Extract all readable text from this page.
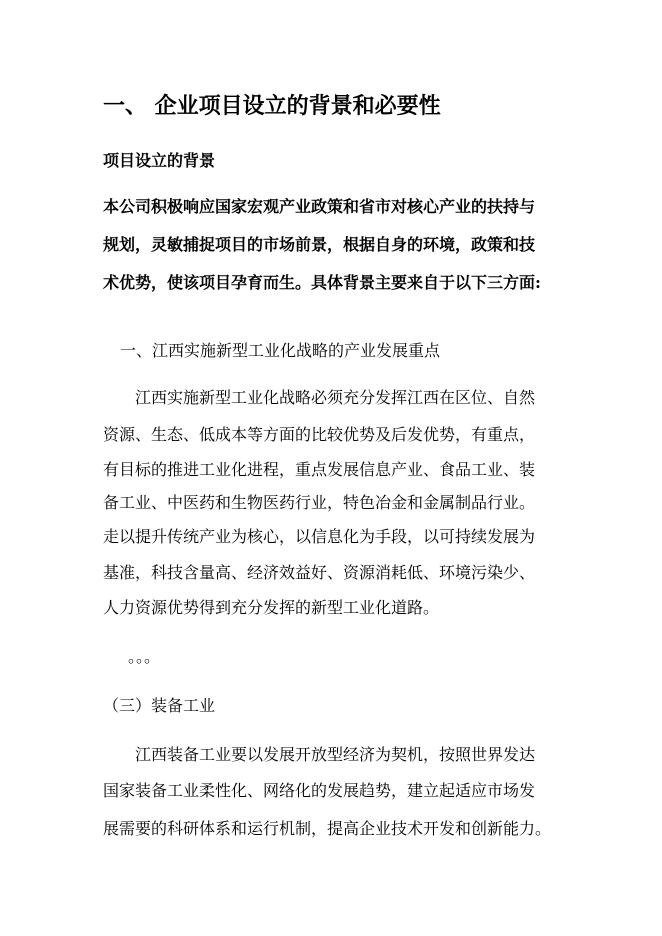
一、 企业项目设立的背景和必要性
项目设立的背景
本公司积极响应国家宏观产业政策和省市对核心产业的扶持与
规划，灵敏捕捉项目的市场前景，根据自身的环境，政策和技
术优势，使该项目孕育而生。具体背景主要来自于以下三方面:
一、江西实施新型工业化战略的产业发展重点
江西实施新型工业化战略必须充分发挥江西在区位、自然
资源、生态、低成本等方面的比较优势及后发优势，有重点，
有目标的推进工业化进程，重点发展信息产业、食品工业、装
备工业、中医药和生物医药行业，特色冶金和金属制品行业。
走以提升传统产业为核心，以信息化为手段，以可持续发展为
基准，科技含量高、经济效益好、资源消耗低、环境污染少、
人力资源优势得到充分发挥的新型工业化道路。
。。。
（三）装备工业
江西装备工业要以发展开放型经济为契机，按照世界发达
国家装备工业柔性化、网络化的发展趋势，建立起适应市场发
展需要的科研体系和运行机制，提高企业技术开发和创新能力。
